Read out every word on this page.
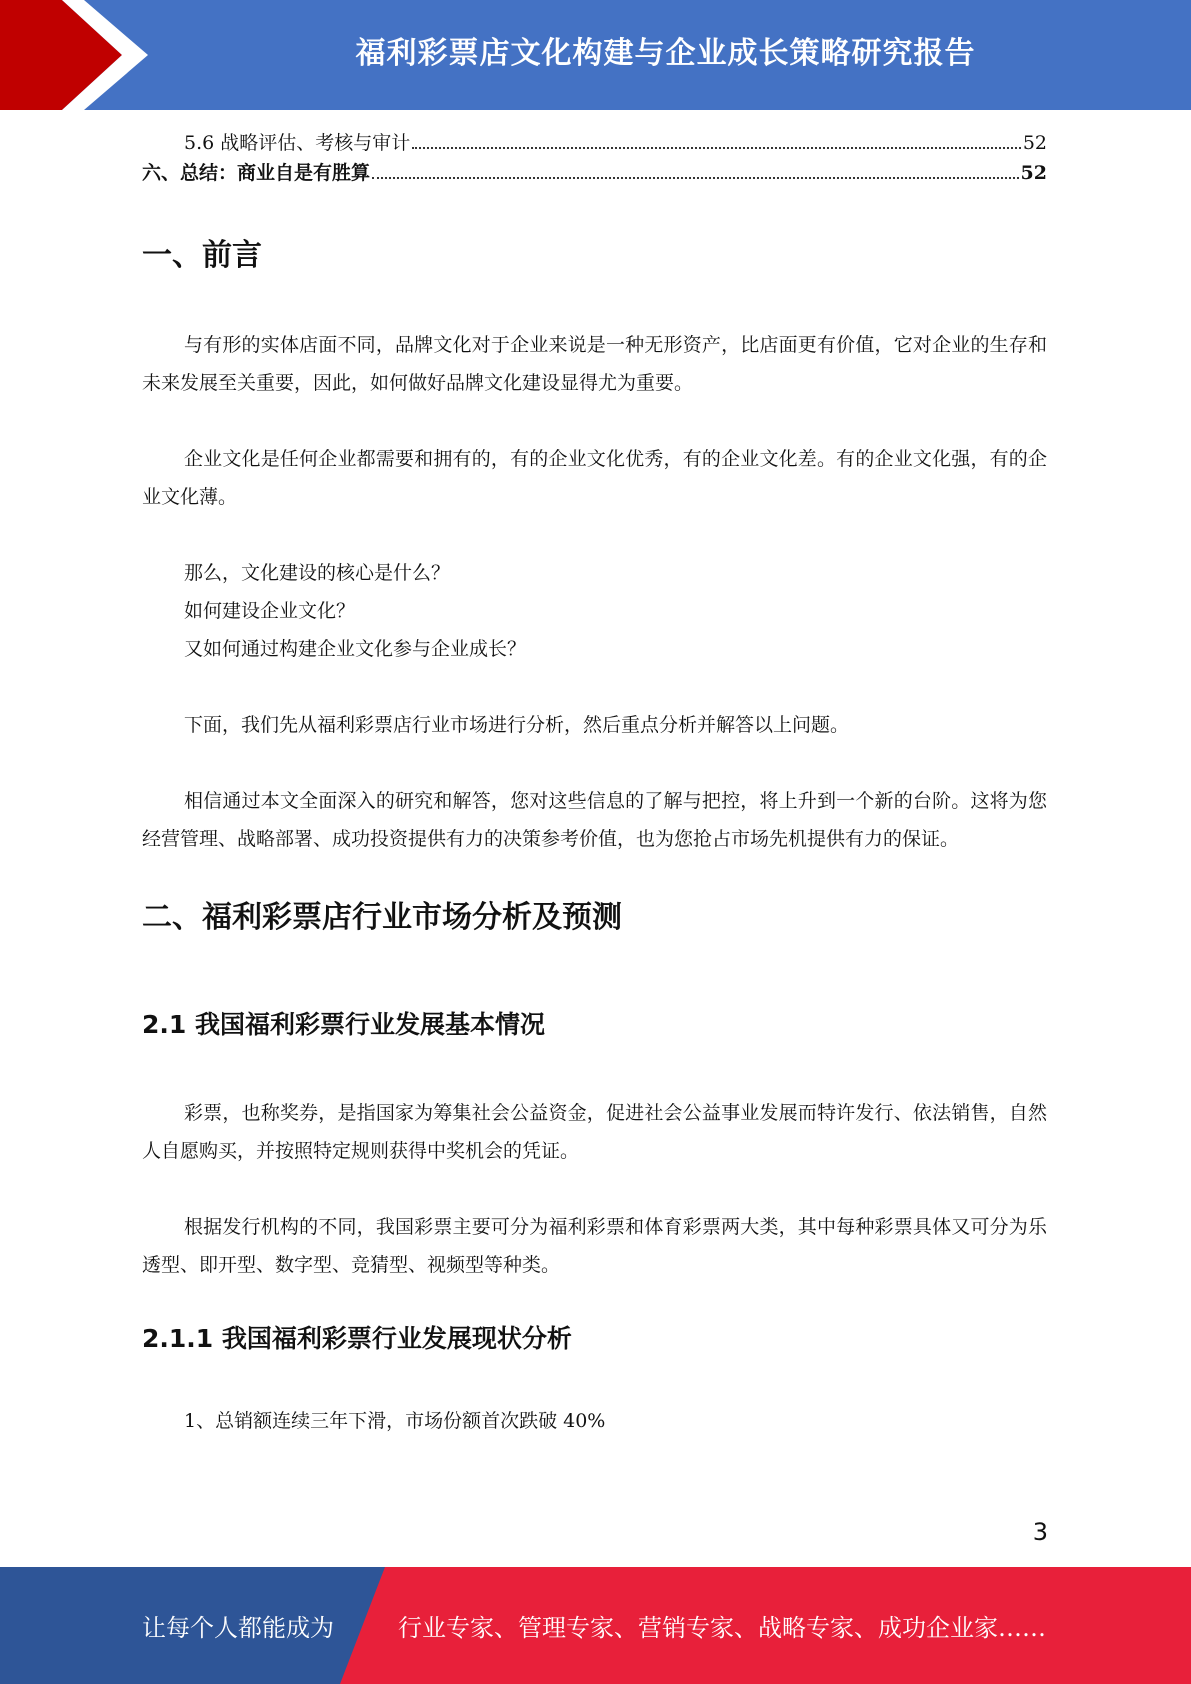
福利彩票店文化构建与企业成长策略研究报告
5.6 战略评估、考核与审计	52
六、总结：商业自是有胜算	52
一、前言

与有形的实体店面不同，品牌文化对于企业来说是一种无形资产，比店面更有价值，它对企业的生存和未来发展至关重要，因此，如何做好品牌文化建设显得尤为重要。

企业文化是任何企业都需要和拥有的，有的企业文化优秀，有的企业文化差。有的企业文化强，有的企业文化薄。

那么，文化建设的核心是什么？
如何建设企业文化？
又如何通过构建企业文化参与企业成长？

下面，我们先从福利彩票店行业市场进行分析，然后重点分析并解答以上问题。

相信通过本文全面深入的研究和解答，您对这些信息的了解与把控，将上升到一个新的台阶。这将为您经营管理、战略部署、成功投资提供有力的决策参考价值，也为您抢占市场先机提供有力的保证。

二、福利彩票店行业市场分析及预测
2.1 我国福利彩票行业发展基本情况

彩票，也称奖券，是指国家为筹集社会公益资金，促进社会公益事业发展而特许发行、依法销售，自然人自愿购买，并按照特定规则获得中奖机会的凭证。

根据发行机构的不同，我国彩票主要可分为福利彩票和体育彩票两大类，其中每种彩票具体又可分为乐透型、即开型、数字型、竞猜型、视频型等种类。

2.1.1 我国福利彩票行业发展现状分析

1、总销额连续三年下滑，市场份额首次跌破 40%

3
让每个人都能成为	行业专家、管理专家、营销专家、战略专家、成功企业家……
